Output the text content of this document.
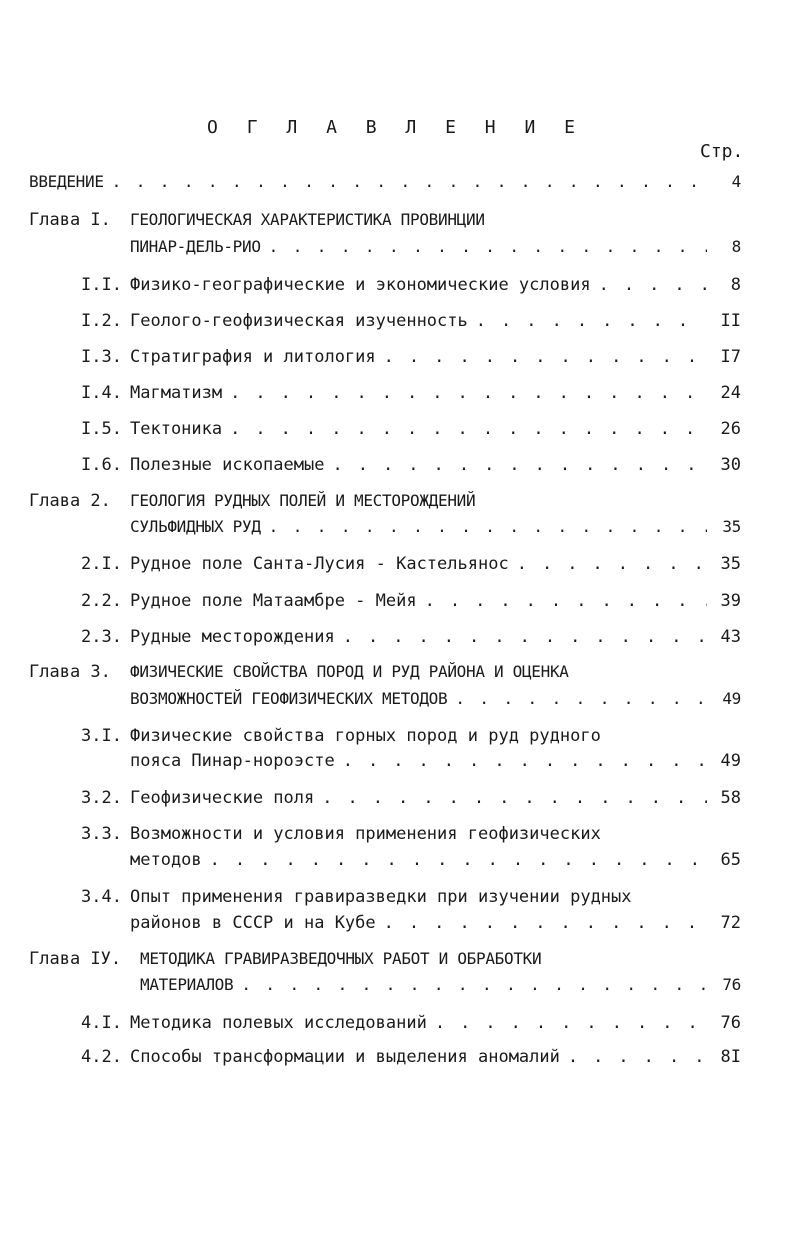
О Г Л А В Л Е Н И Е
Стр.
ВВЕДЕНИЕ . . .	4
Глава I. ГЕОЛОГИЧЕСКАЯ ХАРАКТЕРИСТИКА ПРОВИНЦИИ
ПИНАР-ДЕЛЬ-РИО . . .	8
I.I. Физико-географические и экономические условия . . .	8
I.2. Геолого-геофизическая изученность . . .	II
I.3. Стратиграфия и литология . . .	I7
I.4. Магматизм . . .	24
I.5. Тектоника . . .	26
I.6. Полезные ископаемые . . .	30
Глава 2. ГЕОЛОГИЯ РУДНЫХ ПОЛЕЙ И МЕСТОРОЖДЕНИЙ
СУЛЬФИДНЫХ РУД . . .	35
2.I. Рудное поле Санта-Лусия - Кастельянос . . .	35
2.2. Рудное поле Матаамбре - Мейя . . .	39
2.3. Рудные месторождения . . .	43
Глава 3. ФИЗИЧЕСКИЕ СВОЙСТВА ПОРОД И РУД РАЙОНА И ОЦЕНКА
ВОЗМОЖНОСТЕЙ ГЕОФИЗИЧЕСКИХ МЕТОДОВ . . .	49
3.I. Физические свойства горных пород и руд рудного
пояса Пинар-нороэсте . . .	49
3.2. Геофизические поля . . .	58
3.3. Возможности и условия применения геофизических
методов . . .	65
3.4. Опыт применения гравиразведки при изучении рудных
районов в СССР и на Кубе . . .	72
Глава IУ. МЕТОДИКА ГРАВИРАЗВЕДОЧНЫХ РАБОТ И ОБРАБОТКИ
МАТЕРИАЛОВ . . .	76
4.I. Методика полевых исследований . . .	76
4.2. Способы трансформации и выделения аномалий . . .	8I
